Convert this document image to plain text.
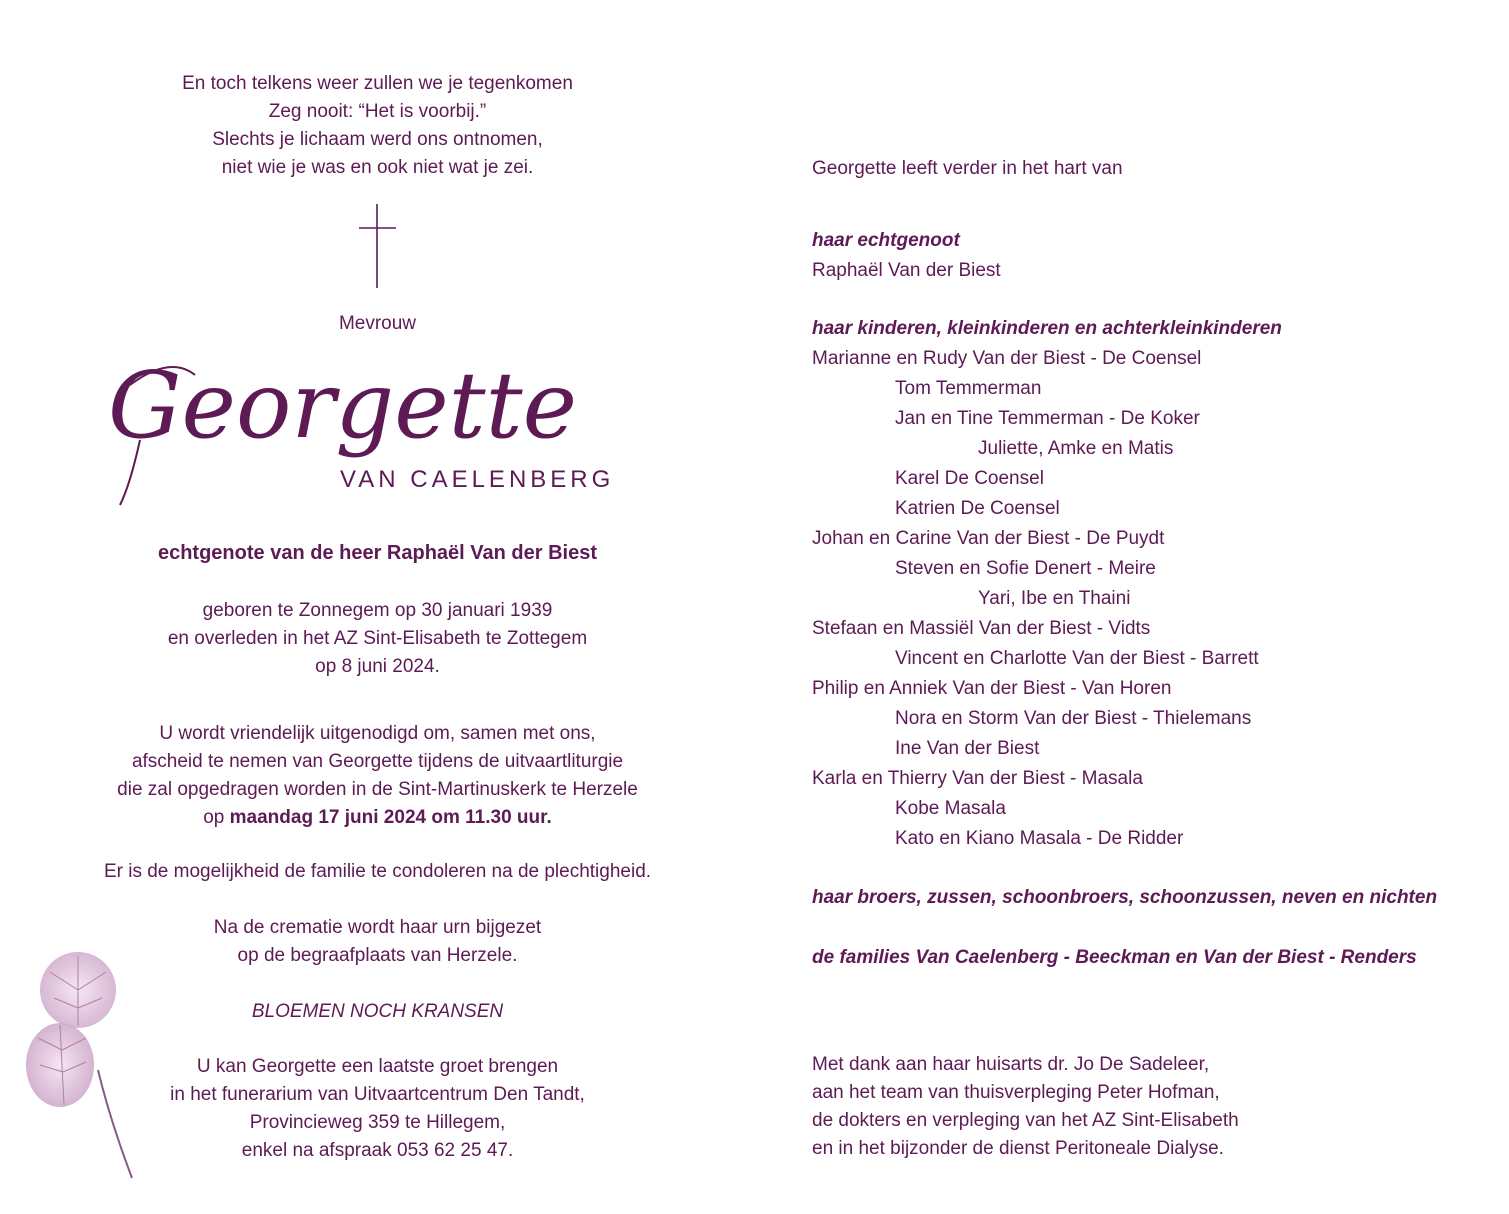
En toch telkens weer zullen we je tegenkomen
Zeg nooit: “Het is voorbij.”
Slechts je lichaam werd ons ontnomen,
niet wie je was en ook niet wat je zei.
Mevrouw
Georgette
VAN CAELENBERG
echtgenote van de heer Raphaël Van der Biest
geboren te Zonnegem op 30 januari 1939
en overleden in het AZ Sint-Elisabeth te Zottegem
op 8 juni 2024.
U wordt vriendelijk uitgenodigd om, samen met ons,
afscheid te nemen van Georgette tijdens de uitvaartliturgie
die zal opgedragen worden in de Sint-Martinuskerk te Herzele
op maandag 17 juni 2024 om 11.30 uur.
Er is de mogelijkheid de familie te condoleren na de plechtigheid.
Na de crematie wordt haar urn bijgezet
op de begraafplaats van Herzele.
BLOEMEN NOCH KRANSEN
U kan Georgette een laatste groet brengen
in het funerarium van Uitvaartcentrum Den Tandt,
Provincieweg 359 te Hillegem,
enkel na afspraak 053 62 25 47.
Georgette leeft verder in het hart van
haar echtgenoot
Raphaël Van der Biest
haar kinderen, kleinkinderen en achterkleinkinderen
Marianne en Rudy Van der Biest - De Coensel
Tom Temmerman
Jan en Tine Temmerman - De Koker
Juliette, Amke en Matis
Karel De Coensel
Katrien De Coensel
Johan en Carine Van der Biest - De Puydt
Steven en Sofie Denert - Meire
Yari, Ibe en Thaini
Stefaan en Massiël Van der Biest - Vidts
Vincent en Charlotte Van der Biest - Barrett
Philip en Anniek Van der Biest - Van Horen
Nora en Storm Van der Biest - Thielemans
Ine Van der Biest
Karla en Thierry Van der Biest - Masala
Kobe Masala
Kato en Kiano Masala - De Ridder
haar broers, zussen, schoonbroers, schoonzussen, neven en nichten
de families Van Caelenberg - Beeckman en Van der Biest - Renders
Met dank aan haar huisarts dr. Jo De Sadeleer,
aan het team van thuisverpleging Peter Hofman,
de dokters en verpleging van het AZ Sint-Elisabeth
en in het bijzonder de dienst Peritoneale Dialyse.
